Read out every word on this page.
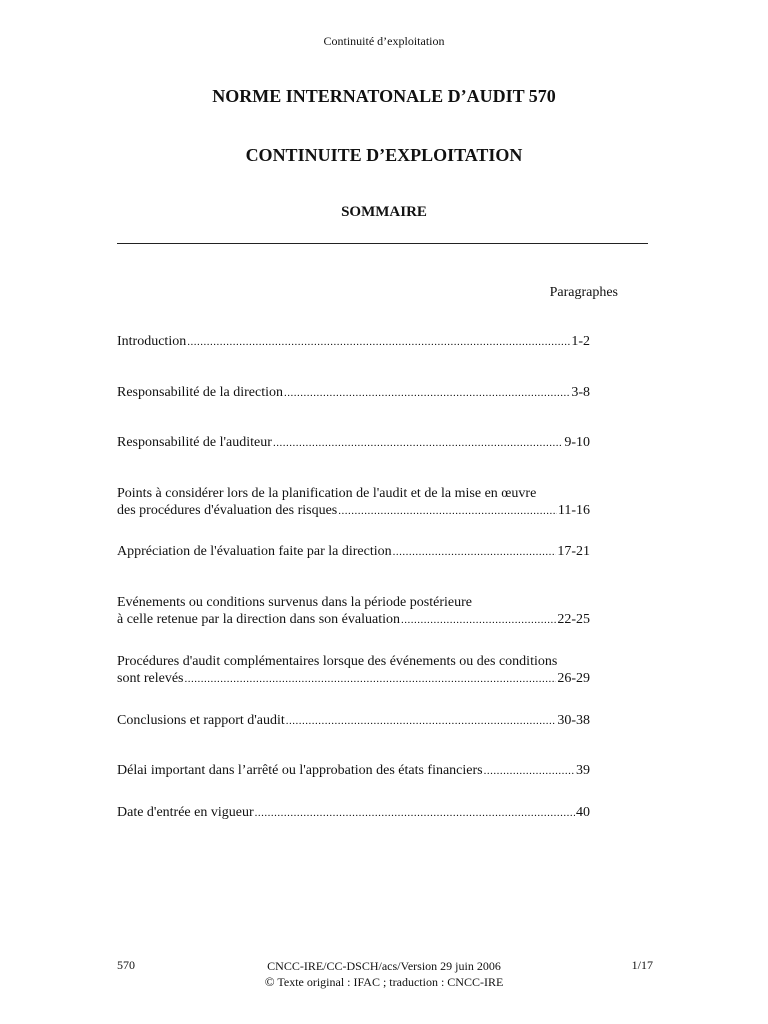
Continuité d’exploitation
NORME INTERNATONALE D’AUDIT 570
CONTINUITE D’EXPLOITATION
SOMMAIRE
Paragraphes
Introduction .....	1-2
Responsabilité de la direction .....	3-8
Responsabilité de l'auditeur .....	9-10
Points à considérer lors de la planification de l'audit et de la mise en œuvre
des procédures d'évaluation des risques .....	11-16
Appréciation de l'évaluation faite par la direction .....	17-21
Evénements ou conditions survenus dans la période postérieure
à celle retenue par la direction dans son évaluation .....	22-25
Procédures d'audit complémentaires lorsque des événements ou des conditions
sont relevés .....	26-29
Conclusions et rapport d'audit .....	30-38
Délai important dans l’arrêté ou l'approbation des états financiers .....	39
Date d'entrée en vigueur .....	40
570	CNCC-IRE/CC-DSCH/acs/Version 29 juin 2006
© Texte original : IFAC ; traduction : CNCC-IRE
1/17
